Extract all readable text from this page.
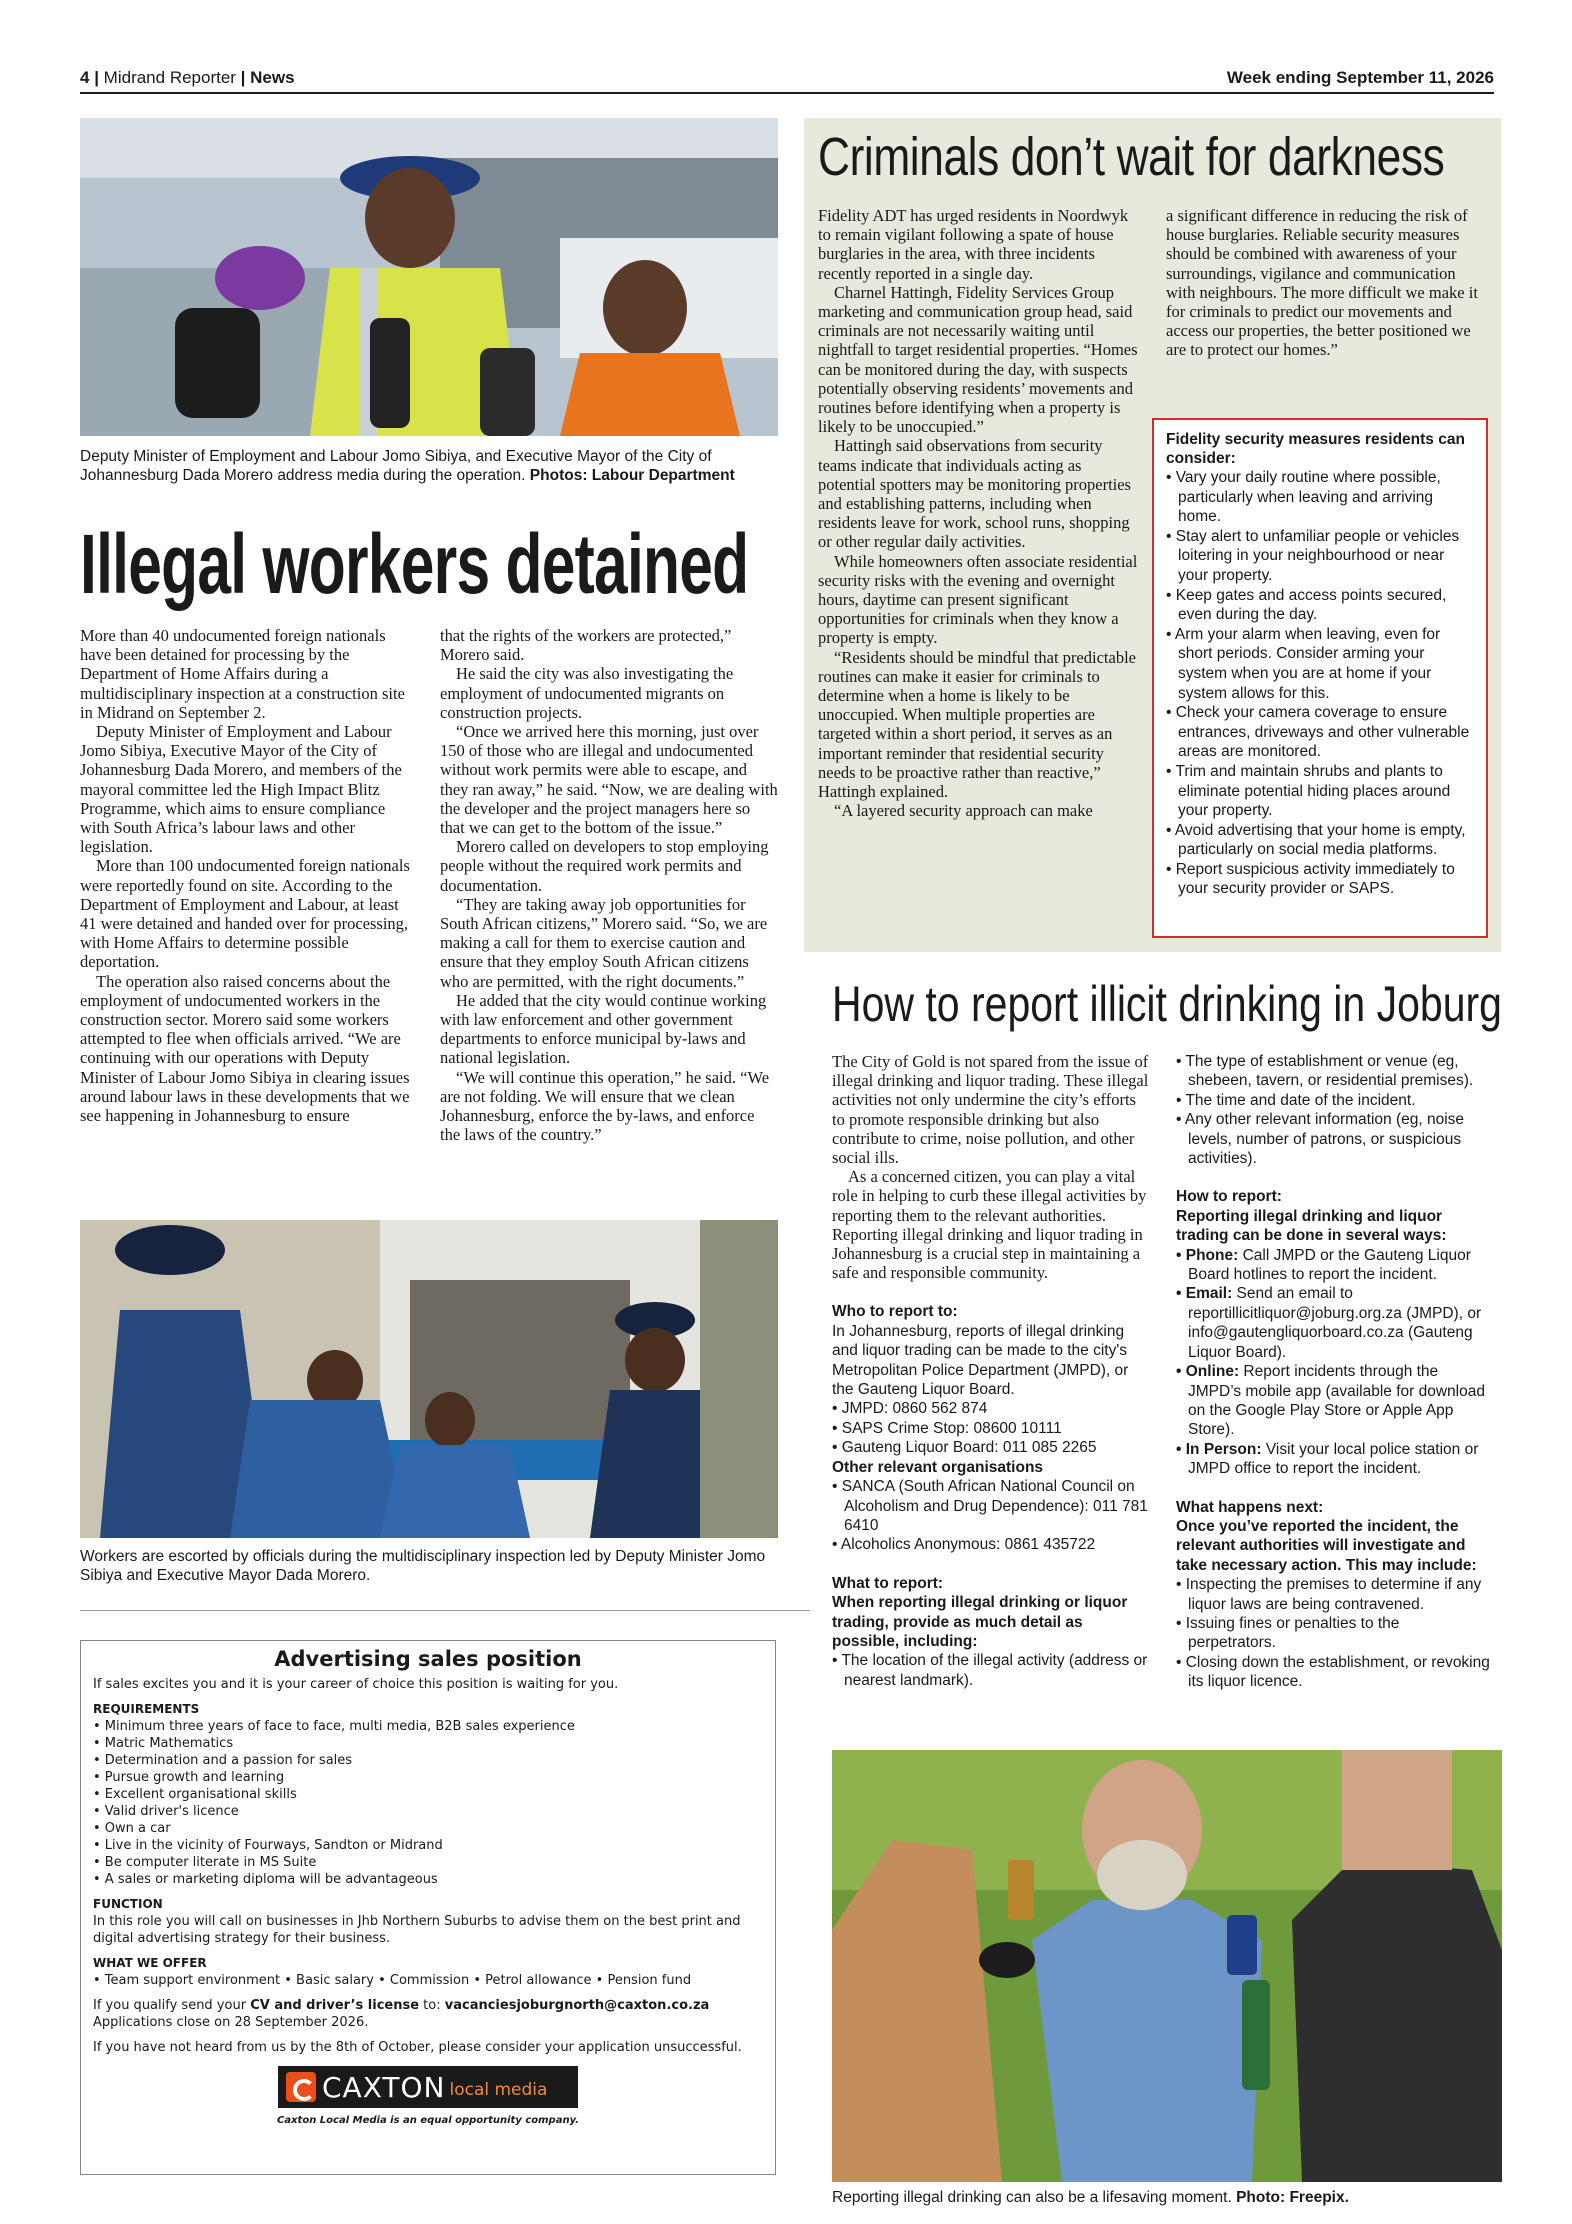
4 | Midrand Reporter | News	Week ending September 11, 2026
Deputy Minister of Employment and Labour Jomo Sibiya, and Executive Mayor of the City of Johannesburg Dada Morero address media during the operation. Photos: Labour Department
Illegal workers detained

More than 40 undocumented foreign nationals have been detained for processing by the Department of Home Affairs during a multidisciplinary inspection at a construction site in Midrand on September 2.

Deputy Minister of Employment and Labour Jomo Sibiya, Executive Mayor of the City of Johannesburg Dada Morero, and members of the mayoral committee led the High Impact Blitz Programme, which aims to ensure compliance with South Africa’s labour laws and other legislation.

More than 100 undocumented foreign nationals were reportedly found on site. According to the Department of Employment and Labour, at least 41 were detained and handed over for processing, with Home Affairs to determine possible deportation.

The operation also raised concerns about the employment of undocumented workers in the construction sector. Morero said some workers attempted to flee when officials arrived. “We are continuing with our operations with Deputy Minister of Labour Jomo Sibiya in clearing issues around labour laws in these developments that we see happening in Johannesburg to ensure

that the rights of the workers are protected,” Morero said.

He said the city was also investigating the employment of undocumented migrants on construction projects.

“Once we arrived here this morning, just over 150 of those who are illegal and undocumented without work permits were able to escape, and they ran away,” he said. “Now, we are dealing with the developer and the project managers here so that we can get to the bottom of the issue.”

Morero called on developers to stop employing people without the required work permits and documentation.

“They are taking away job opportunities for South African citizens,” Morero said. “So, we are making a call for them to exercise caution and ensure that they employ South African citizens who are permitted, with the right documents.”

He added that the city would continue working with law enforcement and other government departments to enforce municipal by-laws and national legislation.

“We will continue this operation,” he said. “We are not folding. We will ensure that we clean Johannesburg, enforce the by-laws, and enforce the laws of the country.”

Workers are escorted by officials during the multidisciplinary inspection led by Deputy Minister Jomo Sibiya and Executive Mayor Dada Morero.
Advertising sales position
If sales excites you and it is your career of choice this position is waiting for you.
REQUIREMENTS
• Minimum three years of face to face, multi media, B2B sales experience
• Matric Mathematics
• Determination and a passion for sales
• Pursue growth and learning
• Excellent organisational skills
• Valid driver's licence
• Own a car
• Live in the vicinity of Fourways, Sandton or Midrand
• Be computer literate in MS Suite
• A sales or marketing diploma will be advantageous
FUNCTION
In this role you will call on businesses in Jhb Northern Suburbs to advise them on the best print and digital advertising strategy for their business.
WHAT WE OFFER
• Team support environment • Basic salary • Commission • Petrol allowance • Pension fund
If you qualify send your CV and driver’s license to: vacanciesjoburgnorth@caxton.co.za
Applications close on 28 September 2026.
If you have not heard from us by the 8th of October, please consider your application unsuccessful.
CAXTON local media
Caxton Local Media is an equal opportunity company.
Criminals don’t wait for darkness

Fidelity ADT has urged residents in Noordwyk to remain vigilant following a spate of house burglaries in the area, with three incidents recently reported in a single day.

Charnel Hattingh, Fidelity Services Group marketing and communication group head, said criminals are not necessarily waiting until nightfall to target residential properties. “Homes can be monitored during the day, with suspects potentially observing residents’ movements and routines before identifying when a property is likely to be unoccupied.”

Hattingh said observations from security teams indicate that individuals acting as potential spotters may be monitoring properties and establishing patterns, including when residents leave for work, school runs, shopping or other regular daily activities.

While homeowners often associate residential security risks with the evening and overnight hours, daytime can present significant opportunities for criminals when they know a property is empty.

“Residents should be mindful that predictable routines can make it easier for criminals to determine when a home is likely to be unoccupied. When multiple properties are targeted within a short period, it serves as an important reminder that residential security needs to be proactive rather than reactive,” Hattingh explained.

“A layered security approach can make

a significant difference in reducing the risk of house burglaries. Reliable security measures should be combined with awareness of your surroundings, vigilance and communication with neighbours. The more difficult we make it for criminals to predict our movements and access our properties, the better positioned we are to protect our homes.”

Fidelity security measures residents can consider:
• Vary your daily routine where possible, particularly when leaving and arriving home.
• Stay alert to unfamiliar people or vehicles loitering in your neighbourhood or near your property.
• Keep gates and access points secured, even during the day.
• Arm your alarm when leaving, even for short periods. Consider arming your system when you are at home if your system allows for this.
• Check your camera coverage to ensure entrances, driveways and other vulnerable areas are monitored.
• Trim and maintain shrubs and plants to eliminate potential hiding places around your property.
• Avoid advertising that your home is empty, particularly on social media platforms.
• Report suspicious activity immediately to your security provider or SAPS.
How to report illicit drinking in Joburg

The City of Gold is not spared from the issue of illegal drinking and liquor trading. These illegal activities not only undermine the city’s efforts to promote responsible drinking but also contribute to crime, noise pollution, and other social ills.

As a concerned citizen, you can play a vital role in helping to curb these illegal activities by reporting them to the relevant authorities. Reporting illegal drinking and liquor trading in Johannesburg is a crucial step in maintaining a safe and responsible community.

Who to report to:
In Johannesburg, reports of illegal drinking and liquor trading can be made to the city's Metropolitan Police Department (JMPD), or the Gauteng Liquor Board.
• JMPD: 0860 562 874
• SAPS Crime Stop: 08600 10111
• Gauteng Liquor Board: 011 085 2265
Other relevant organisations
• SANCA (South African National Council on Alcoholism and Drug Dependence): 011 781 6410
• Alcoholics Anonymous: 0861 435722
What to report:
When reporting illegal drinking or liquor trading, provide as much detail as possible, including:
• The location of the illegal activity (address or nearest landmark).
• The type of establishment or venue (eg, shebeen, tavern, or residential premises).
• The time and date of the incident.
• Any other relevant information (eg, noise levels, number of patrons, or suspicious activities).
How to report:
Reporting illegal drinking and liquor trading can be done in several ways:
• Phone: Call JMPD or the Gauteng Liquor Board hotlines to report the incident.
• Email: Send an email to reportillicitliquor@joburg.org.za (JMPD), or info@gautengliquorboard.co.za (Gauteng Liquor Board).
• Online: Report incidents through the JMPD’s mobile app (available for download on the Google Play Store or Apple App Store).
• In Person: Visit your local police station or JMPD office to report the incident.
What happens next:
Once you’ve reported the incident, the relevant authorities will investigate and take necessary action. This may include:
• Inspecting the premises to determine if any liquor laws are being contravened.
• Issuing fines or penalties to the perpetrators.
• Closing down the establishment, or revoking its liquor licence.
Reporting illegal drinking can also be a lifesaving moment. Photo: Freepix.
